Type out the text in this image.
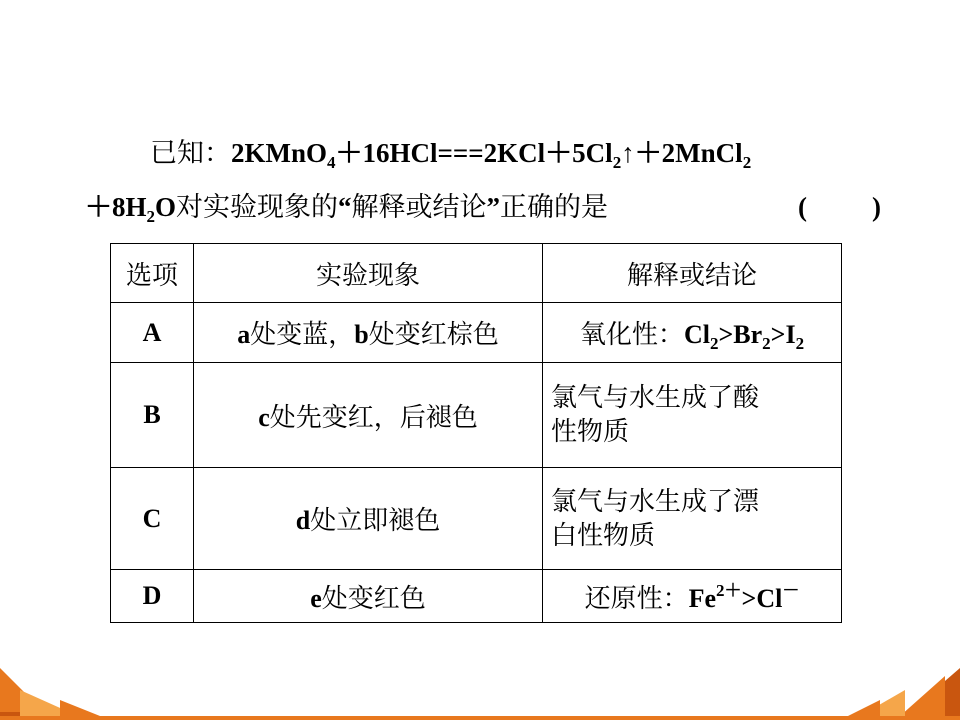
已知：$2KMnO_4+16HCl===2KCl+5Cl_2↑+2MnCl_2$
$+8H_2O$对实验现象的“解释或结论”正确的是	( )
选项	实验现象	解释或结论
A	a处变蓝，b处变红棕色	氧化性：$Cl_2>Br_2>I_2$
B	c处先变红，后褪色	氯气与水生成了酸
性物质
C	d处立即褪色	氯气与水生成了漂
白性物质
D	e处变红色	还原性：$Fe^{2+}>Cl^-$
